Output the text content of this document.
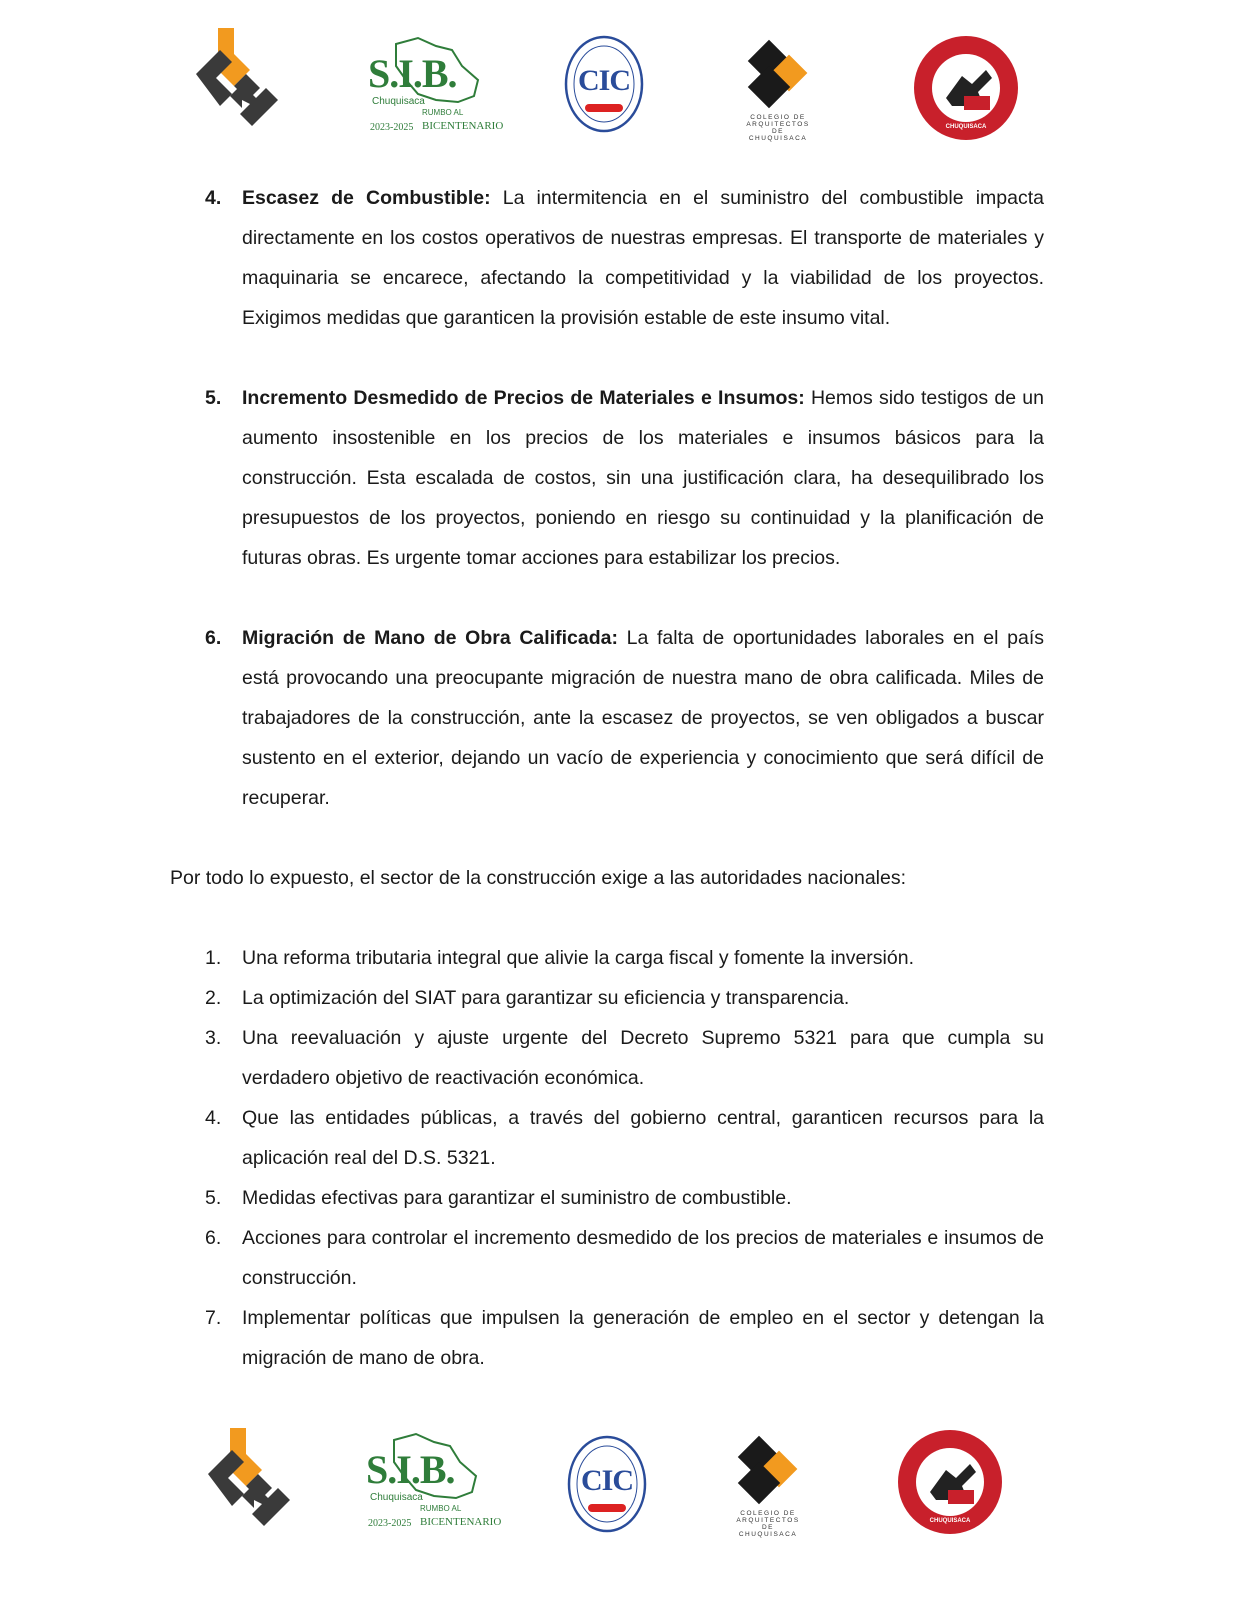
S.I.B.
Chuquisaca
2023-2025
RUMBO AL
BICENTENARIO
CIC
COLEGIO DE ARQUITECTOS DE CHUQUISACA
CHUQUISACA
4. Escasez de Combustible: La intermitencia en el suministro del combustible impacta directamente en los costos operativos de nuestras empresas. El transporte de materiales y maquinaria se encarece, afectando la competitividad y la viabilidad de los proyectos. Exigimos medidas que garanticen la provisión estable de este insumo vital.
5. Incremento Desmedido de Precios de Materiales e Insumos: Hemos sido testigos de un aumento insostenible en los precios de los materiales e insumos básicos para la construcción. Esta escalada de costos, sin una justificación clara, ha desequilibrado los presupuestos de los proyectos, poniendo en riesgo su continuidad y la planificación de futuras obras. Es urgente tomar acciones para estabilizar los precios.
6. Migración de Mano de Obra Calificada: La falta de oportunidades laborales en el país está provocando una preocupante migración de nuestra mano de obra calificada. Miles de trabajadores de la construcción, ante la escasez de proyectos, se ven obligados a buscar sustento en el exterior, dejando un vacío de experiencia y conocimiento que será difícil de recuperar.

Por todo lo expuesto, el sector de la construcción exige a las autoridades nacionales:

1. Una reforma tributaria integral que alivie la carga fiscal y fomente la inversión.
2. La optimización del SIAT para garantizar su eficiencia y transparencia.
3. Una reevaluación y ajuste urgente del Decreto Supremo 5321 para que cumpla su verdadero objetivo de reactivación económica.
4. Que las entidades públicas, a través del gobierno central, garanticen recursos para la aplicación real del D.S. 5321.
5. Medidas efectivas para garantizar el suministro de combustible.
6. Acciones para controlar el incremento desmedido de los precios de materiales e insumos de construcción.
7. Implementar políticas que impulsen la generación de empleo en el sector y detengan la migración de mano de obra.
S.I.B.
Chuquisaca
2023-2025
RUMBO AL
BICENTENARIO
CIC
COLEGIO DE ARQUITECTOS DE CHUQUISACA
CHUQUISACA
